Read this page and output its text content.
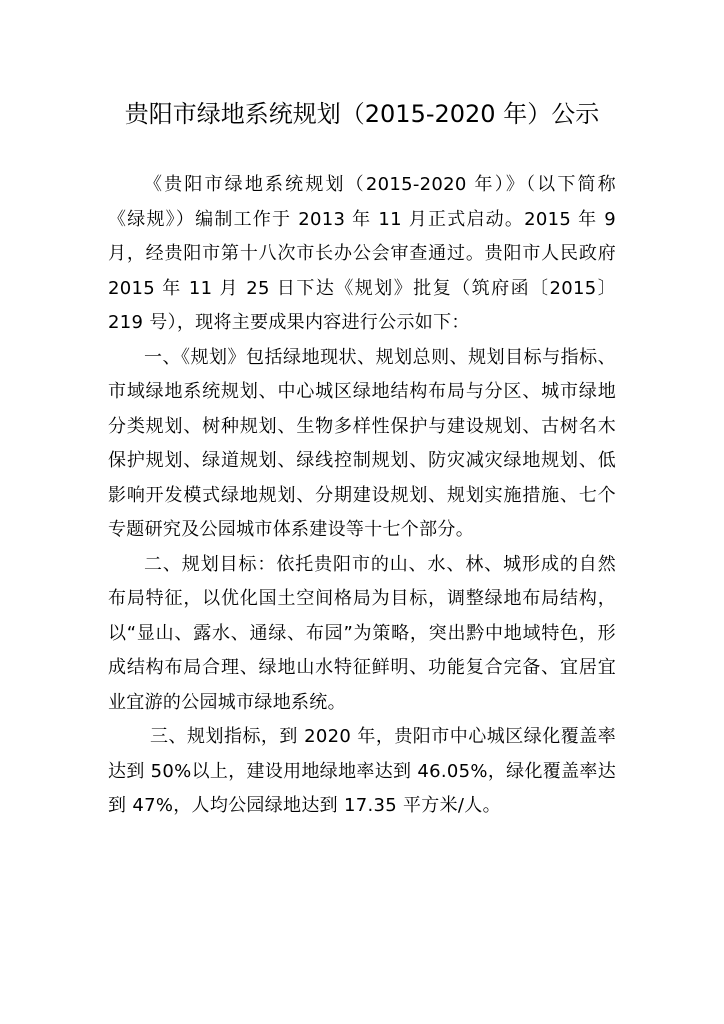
贵阳市绿地系统规划（2015-2020 年）公示

《贵阳市绿地系统规划（2015-2020 年）》（以下简称《绿规》）编制工作于 2013 年 11 月正式启动。2015 年 9 月，经贵阳市第十八次市长办公会审查通过。贵阳市人民政府 2015 年 11 月 25 日下达《规划》批复（筑府函〔2015〕219 号），现将主要成果内容进行公示如下：

一、《规划》包括绿地现状、规划总则、规划目标与指标、市域绿地系统规划、中心城区绿地结构布局与分区、城市绿地分类规划、树种规划、生物多样性保护与建设规划、古树名木保护规划、绿道规划、绿线控制规划、防灾减灾绿地规划、低影响开发模式绿地规划、分期建设规划、规划实施措施、七个专题研究及公园城市体系建设等十七个部分。

二、规划目标：依托贵阳市的山、水、林、城形成的自然布局特征，以优化国土空间格局为目标，调整绿地布局结构，以“显山、露水、通绿、布园”为策略，突出黔中地域特色，形成结构布局合理、绿地山水特征鲜明、功能复合完备、宜居宜业宜游的公园城市绿地系统。

三、规划指标，到 2020 年，贵阳市中心城区绿化覆盖率达到 50%以上，建设用地绿地率达到 46.05%，绿化覆盖率达到 47%，人均公园绿地达到 17.35 平方米/人。
